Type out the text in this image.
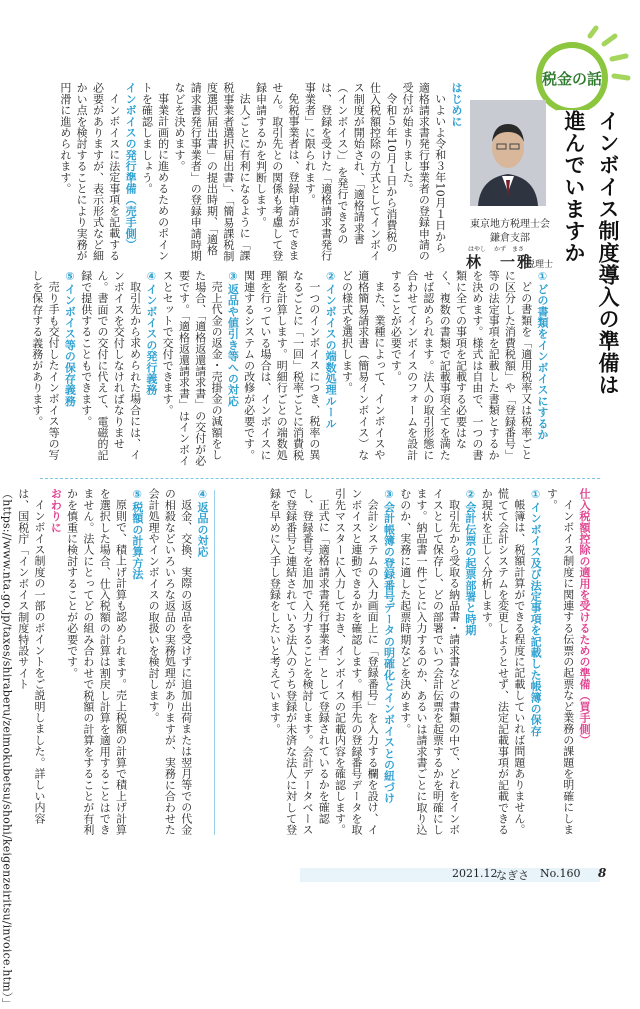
税金の話
インボイス制度導入の準備は進んでいますか
東京地方税理士会
鎌倉支部
はやし かず　まさ
林　一雅
税理士

①どの書類をインボイスにするか

どの書類を「適用税率又は税率ごとに区分した消費税額」や「登録番号」等の法定事項を記載した書類とするかを決めます。様式は自由で、一つの書類に全ての事項を記載する必要はなく、複数の書類で記載事項全てを満たせば認められます。法人の取引形態に合わせてインボイスのフォームを設計することが必要です。

また、業種によって、インボイスや適格簡易請求書（簡易インボイス）などの様式を選択します。

②インボイスの端数処理ルール

一つのインボイスにつき、税率の異なるごとに「一回」税率ごとに消費税額を計算します。明細行ごとの端数処理を行っている場合は、インボイスに関連するシステムの改修が必要です。

③返品や値引き等への対応

売上代金の返金・売掛金の減額をした場合、「適格返還請求書」の交付が必要です。「適格返還請求書」はインボイスとセットで交付できます。

④インボイスの発行義務

取引先から求められた場合には、インボイスを交付しなければなりません。書面での交付に代えて、電磁的記録で提供することもできます。

⑤インボイス等の保存義務

売り手も交付したインボイス等の写しを保存する義務があります。

はじめに

いよいよ令和３年10月１日から適格請求書発行事業者の登録申請の受付が始まりました。

令和５年10月１日から消費税の仕入税額控除の方式としてインボイス制度が開始され、「適格請求書（インボイス）」を発行できるのは、登録を受けた「適格請求書発行事業者」に限られます。

免税事業者は、登録申請ができません。取引先との関係も考慮して登録申請するかを判断します。

法人ごとに有利になるように「課税事業者選択届出書」、「簡易課税制度選択届出書」の提出時期、「適格請求書発行事業者」の登録申請時期などを決めます。

事業計画的に進めるためのポイントを確認しましょう。

インボイスの発行準備（売手側）

インボイスに法定事項を記載する必要がありますが、表示形式など細かい点を検討することにより実務が円滑に進められます。

仕入税額控除の適用を受けるための準備（買手側）

インボイス制度に関連する伝票の起票など業務の課題を明確にします。

①インボイス及び法定事項を記載した帳簿の保存

帳簿は、税額計算ができる程度に記載していれば問題ありません。慌てて会計システムを変更しようとせず、法定記載事項が記載できるか現状を正しく分析します。

②会計伝票の起票部署と時期

取引先から受取る納品書・請求書などの書類の中で、どれをインボイスとして保存し、どの部署でいつ会計伝票を起票するかを明確にします。納品書一件ごとに入力するのか、あるいは請求書ごとに取り込むのか、実務に適した起票時期などを決めます。

③会計帳簿の登録番号データの明確化とインボイスとの紐づけ

会計システムの入力画面上に「登録番号」を入力する欄を設け、インボイスと連動できるかを確認します。相手先の登録番号データを取引先マスターに入力しておき、インボイスの記載内容を確認します。

正式に「適格請求書発行事業者」として登録されているかを確認し、登録番号を追加で入力することを検討します。会計データベースで登録番号と連結されている法人のうち登録が未済な法人に対して登録を早めに入手し登録をしたいと考えています。

④返品の対応

返金、交換、実際の返品を受けずに追加出荷または翌月等での代金の相殺などいろいろな返品の実務処理がありますが、実務に合わせた会計処理やインボイスの取扱いを検討します。

⑤税額の計算方法

原則で、積上げ計算も認められます。売上税額の計算で積上げ計算を選択した場合、仕入税額の計算は割戻し計算を適用することはできません。法人にとってどの組み合わせで税額の計算をすることが有利かを慎重に検討することが必要です。

おわりに

インボイス制度の一部のポイントをご説明しました。詳しい内容は、国税庁「インボイス制度特設サイト（https://www.nta.go.jp/taxes/shiraberu/zeimokubetsu/shohi/keigenzeiritsu/invoice.htm）」

インボイスの保存（買手側）
2021.12
なぎさ No.160 8
